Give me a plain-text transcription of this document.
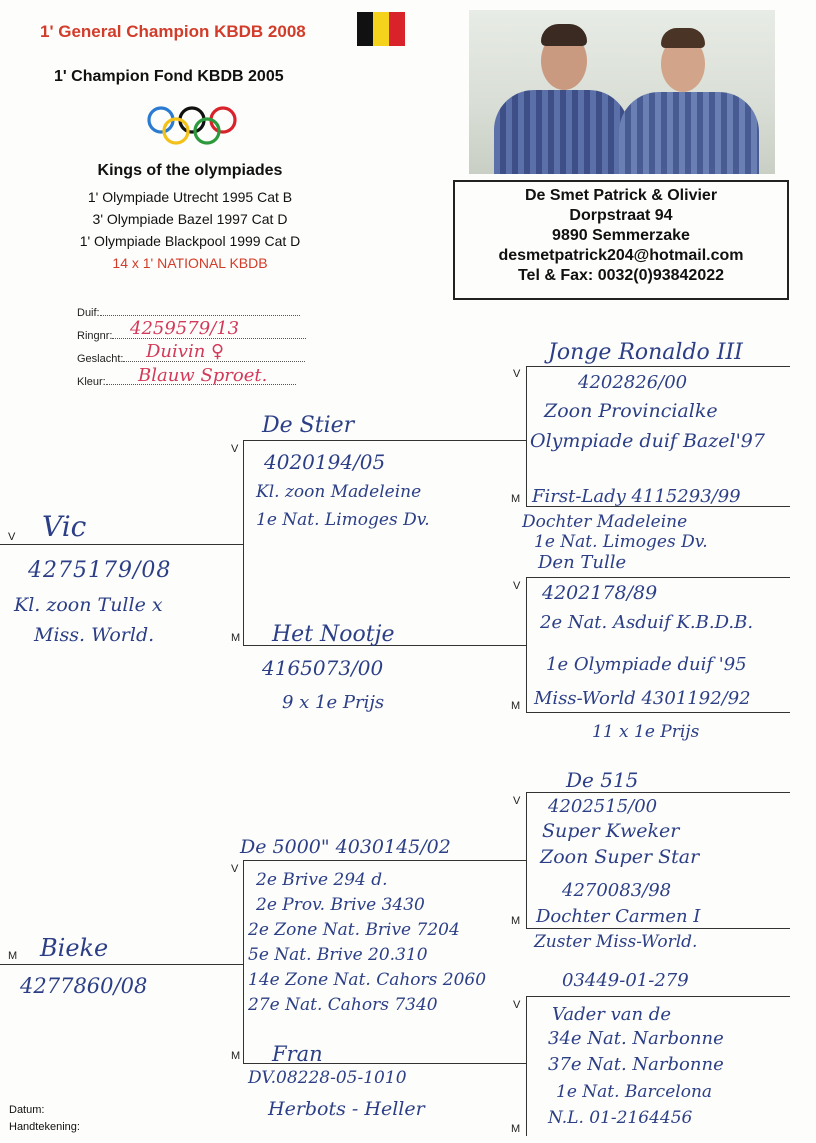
1' General Champion KBDB 2008
1' Champion Fond KBDB 2005
Kings of the olympiades
1' Olympiade Utrecht 1995 Cat B
3' Olympiade Bazel 1997 Cat D
1' Olympiade Blackpool 1999 Cat D
14 x 1' NATIONAL KBDB
De Smet Patrick & Olivier
Dorpstraat 94
9890 Semmerzake
desmetpatrick204@hotmail.com
Tel & Fax: 0032(0)93842022
Duif:
Ringnr: 4259579/13
Geslacht:	Duivin ♀
Kleur:	Blauw Sproet.
V
V
M
V
M
V
M
M
V
M
V
M
V
M
Vic
4275179/08
Kl. zoon Tulle x
Miss. World.
De Stier
4020194/05
Kl. zoon Madeleine
1e Nat. Limoges Dv.
Jonge Ronaldo III
4202826/00
Zoon Provincialke
Olympiade duif Bazel'97
First-Lady 4115293/99
Dochter Madeleine
1e Nat. Limoges Dv.
Het Nootje
4165073/00
9 x 1e Prijs
Den Tulle
4202178/89
2e Nat. Asduif K.B.D.B.
1e Olympiade duif '95
Miss-World 4301192/92
11 x 1e Prijs
Bieke
4277860/08
De 5000" 4030145/02
2e Brive 294 d.
2e Prov. Brive 3430
2e Zone Nat. Brive 7204
5e Nat. Brive 20.310
14e Zone Nat. Cahors 2060
27e Nat. Cahors 7340
De 515
4202515/00
Super Kweker
Zoon Super Star
4270083/98
Dochter Carmen I
Zuster Miss-World.
Fran
DV.08228-05-1010
Herbots - Heller
03449-01-279
Vader van de
34e Nat. Narbonne
37e Nat. Narbonne
1e Nat. Barcelona
N.L. 01-2164456
Datum:
Handtekening:
